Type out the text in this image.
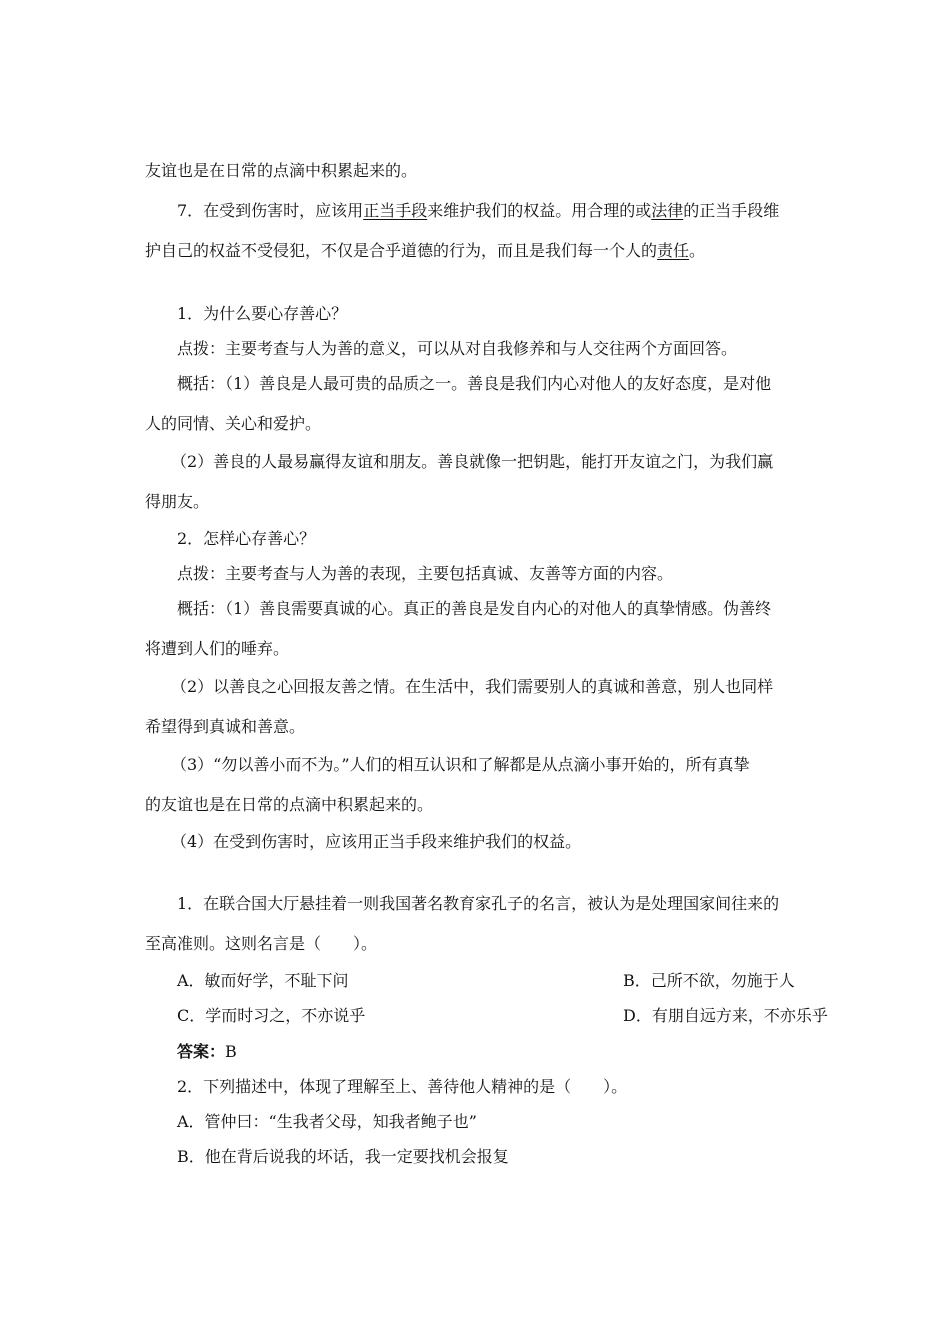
友谊也是在日常的点滴中积累起来的。
7．在受到伤害时，应该用正当手段来维护我们的权益。用合理的或法律的正当手段维
护自己的权益不受侵犯，不仅是合乎道德的行为，而且是我们每一个人的责任。
1．为什么要心存善心？
点拨：主要考查与人为善的意义，可以从对自我修养和与人交往两个方面回答。
概括：（1）善良是人最可贵的品质之一。善良是我们内心对他人的友好态度，是对他
人的同情、关心和爱护。
（2）善良的人最易赢得友谊和朋友。善良就像一把钥匙，能打开友谊之门，为我们赢
得朋友。
2．怎样心存善心？
点拨：主要考查与人为善的表现，主要包括真诚、友善等方面的内容。
概括：（1）善良需要真诚的心。真正的善良是发自内心的对他人的真挚情感。伪善终
将遭到人们的唾弃。
（2）以善良之心回报友善之情。在生活中，我们需要别人的真诚和善意，别人也同样
希望得到真诚和善意。
（3）“勿以善小而不为。”人们的相互认识和了解都是从点滴小事开始的，所有真挚
的友谊也是在日常的点滴中积累起来的。
（4）在受到伤害时，应该用正当手段来维护我们的权益。
1．在联合国大厅悬挂着一则我国著名教育家孔子的名言，被认为是处理国家间往来的
至高准则。这则名言是（　　）。
A．敏而好学，不耻下问	B．己所不欲，勿施于人
C．学而时习之，不亦说乎	D．有朋自远方来，不亦乐乎
答案：B
2．下列描述中，体现了理解至上、善待他人精神的是（　　）。
A．管仲曰：“生我者父母，知我者鲍子也”
B．他在背后说我的坏话，我一定要找机会报复
